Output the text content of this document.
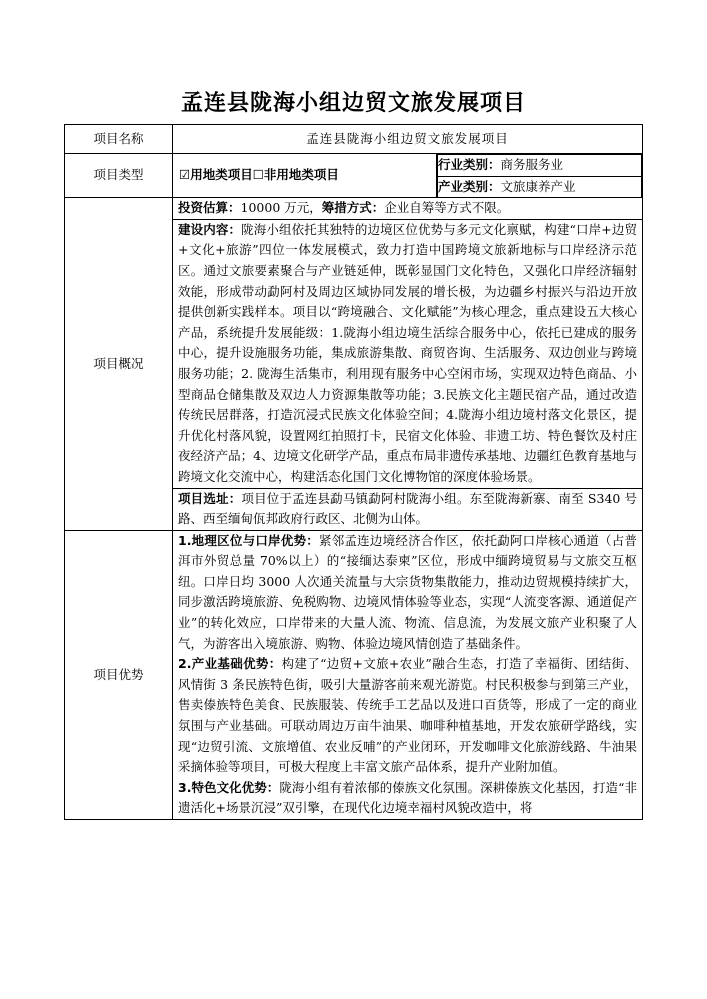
孟连县陇海小组边贸文旅发展项目
项目名称	孟连县陇海小组边贸文旅发展项目
项目类型	☑用地类项目☐非用地类项目	
行业类别：商务服务业
产业类别：文旅康养产业

项目概况	
投资估算：10000 万元，筹措方式：企业自筹等方式不限。
建设内容：陇海小组依托其独特的边境区位优势与多元文化禀赋，构建“口岸+边贸+文化+旅游”四位一体发展模式，致力打造中国跨境文旅新地标与口岸经济示范区。通过文旅要素聚合与产业链延伸，既彰显国门文化特色，又强化口岸经济辐射效能，形成带动勐阿村及周边区域协同发展的增长极，为边疆乡村振兴与沿边开放提供创新实践样本。项目以“跨境融合、文化赋能”为核心理念，重点建设五大核心产品，系统提升发展能级：1.陇海小组边境生活综合服务中心，依托已建成的服务中心，提升设施服务功能，集成旅游集散、商贸咨询、生活服务、双边创业与跨境服务功能；2. 陇海生活集市，利用现有服务中心空闲市场，实现双边特色商品、小型商品仓储集散及双边人力资源集散等功能；3.民族文化主题民宿产品，通过改造传统民居群落，打造沉浸式民族文化体验空间；4.陇海小组边境村落文化景区，提升优化村落风貌，设置网红拍照打卡，民宿文化体验、非遗工坊、特色餐饮及村庄夜经济产品；4、边境文化研学产品，重点布局非遗传承基地、边疆红色教育基地与跨境文化交流中心，构建活态化国门文化博物馆的深度体验场景。
项目选址：项目位于孟连县勐马镇勐阿村陇海小组。东至陇海新寨、南至 S340 号路、西至缅甸佤邦政府行政区、北侧为山体。

项目优势	
1.地理区位与口岸优势：紧邻孟连边境经济合作区，依托勐阿口岸核心通道（占普洱市外贸总量 70%以上）的“接缅达泰柬”区位，形成中缅跨境贸易与文旅交互枢纽。口岸日均 3000 人次通关流量与大宗货物集散能力，推动边贸规模持续扩大，同步激活跨境旅游、免税购物、边境风情体验等业态，实现“人流变客源、通道促产业”的转化效应，口岸带来的大量人流、物流、信息流，为发展文旅产业积聚了人气，为游客出入境旅游、购物、体验边境风情创造了基础条件。
2.产业基础优势：构建了“边贸+文旅+农业”融合生态，打造了幸福街、团结街、风情街 3 条民族特色街，吸引大量游客前来观光游览。村民积极参与到第三产业，售卖傣族特色美食、民族服装、传统手工艺品以及进口百货等，形成了一定的商业氛围与产业基础。可联动周边万亩牛油果、咖啡种植基地，开发农旅研学路线，实现“边贸引流、文旅增值、农业反哺”的产业闭环，开发咖啡文化旅游线路、牛油果采摘体验等项目，可极大程度上丰富文旅产品体系，提升产业附加值。
3.特色文化优势：陇海小组有着浓郁的傣族文化氛围。深耕傣族文化基因，打造“非遗活化+场景沉浸”双引擎，在现代化边境幸福村风貌改造中，将
